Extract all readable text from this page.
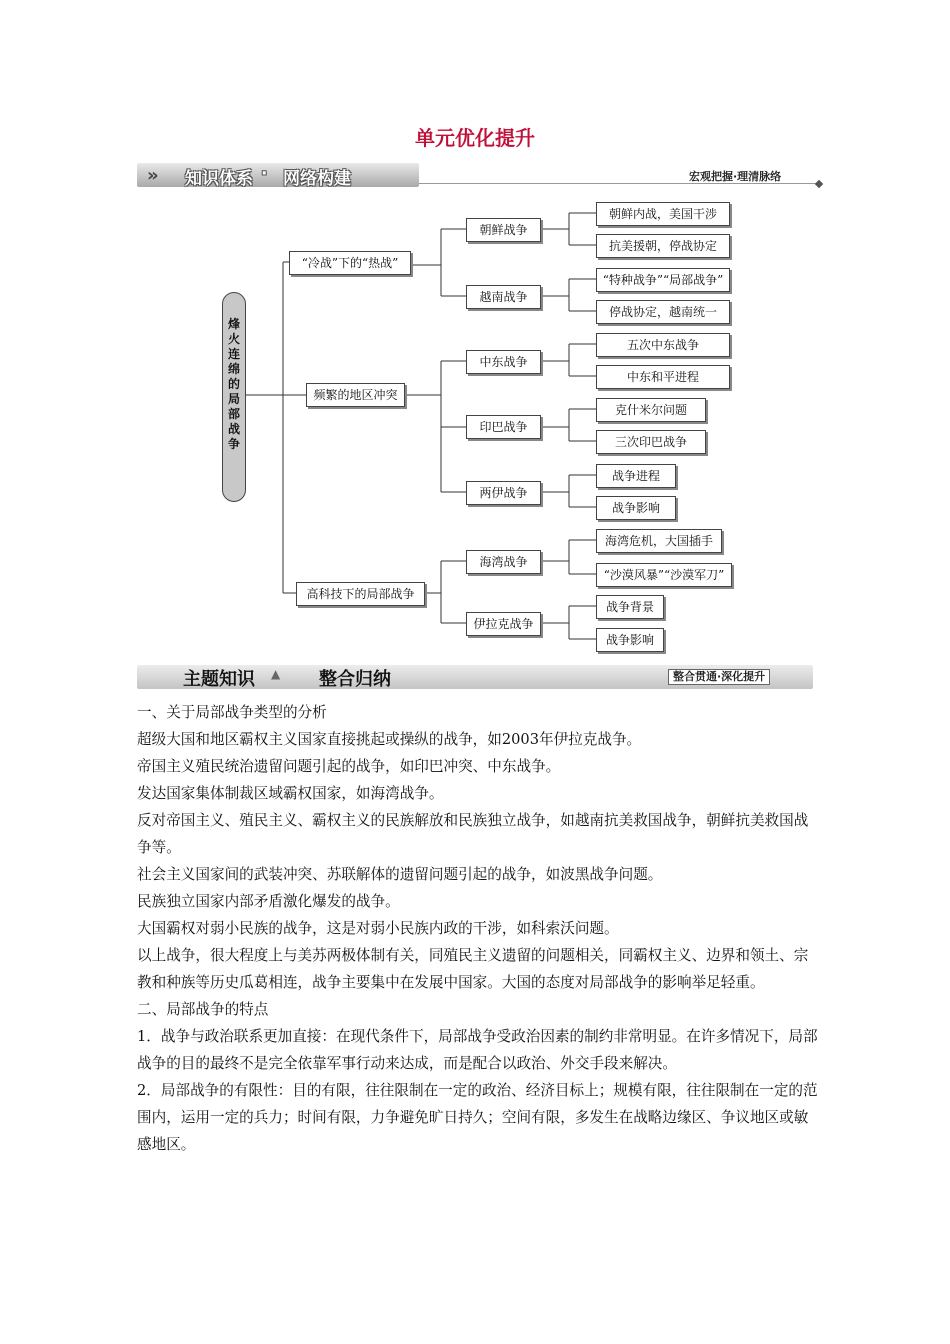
单元优化提升
» 知识体系 · 网络构建	宏观把握·理清脉络
烽
火
连
绵
的
局
部
战
争
“冷战”下的“热战”
频繁的地区冲突
高科技下的局部战争
朝鲜战争
越南战争
中东战争
印巴战争
两伊战争
海湾战争
伊拉克战争
朝鲜内战，美国干涉
抗美援朝，停战协定
“特种战争”“局部战争”
停战协定，越南统一
五次中东战争
中东和平进程
克什米尔问题
三次印巴战争
战争进程
战争影响
海湾危机，大国插手
“沙漠风暴”“沙漠军刀”
战争背景
战争影响
主题知识 ▲ 整合归纳	整合贯通·深化提升

一、关于局部战争类型的分析

超级大国和地区霸权主义国家直接挑起或操纵的战争，如2003年伊拉克战争。

帝国主义殖民统治遗留问题引起的战争，如印巴冲突、中东战争。

发达国家集体制裁区域霸权国家，如海湾战争。

反对帝国主义、殖民主义、霸权主义的民族解放和民族独立战争，如越南抗美救国战争，朝鲜抗美救国战争等。

社会主义国家间的武装冲突、苏联解体的遗留问题引起的战争，如波黑战争问题。

民族独立国家内部矛盾激化爆发的战争。

大国霸权对弱小民族的战争，这是对弱小民族内政的干涉，如科索沃问题。

以上战争，很大程度上与美苏两极体制有关，同殖民主义遗留的问题相关，同霸权主义、边界和领土、宗教和种族等历史瓜葛相连，战争主要集中在发展中国家。大国的态度对局部战争的影响举足轻重。

二、局部战争的特点

1．战争与政治联系更加直接：在现代条件下，局部战争受政治因素的制约非常明显。在许多情况下，局部战争的目的最终不是完全依靠军事行动来达成，而是配合以政治、外交手段来解决。

2．局部战争的有限性：目的有限，往往限制在一定的政治、经济目标上；规模有限，往往限制在一定的范围内，运用一定的兵力；时间有限，力争避免旷日持久；空间有限，多发生在战略边缘区、争议地区或敏感地区。
